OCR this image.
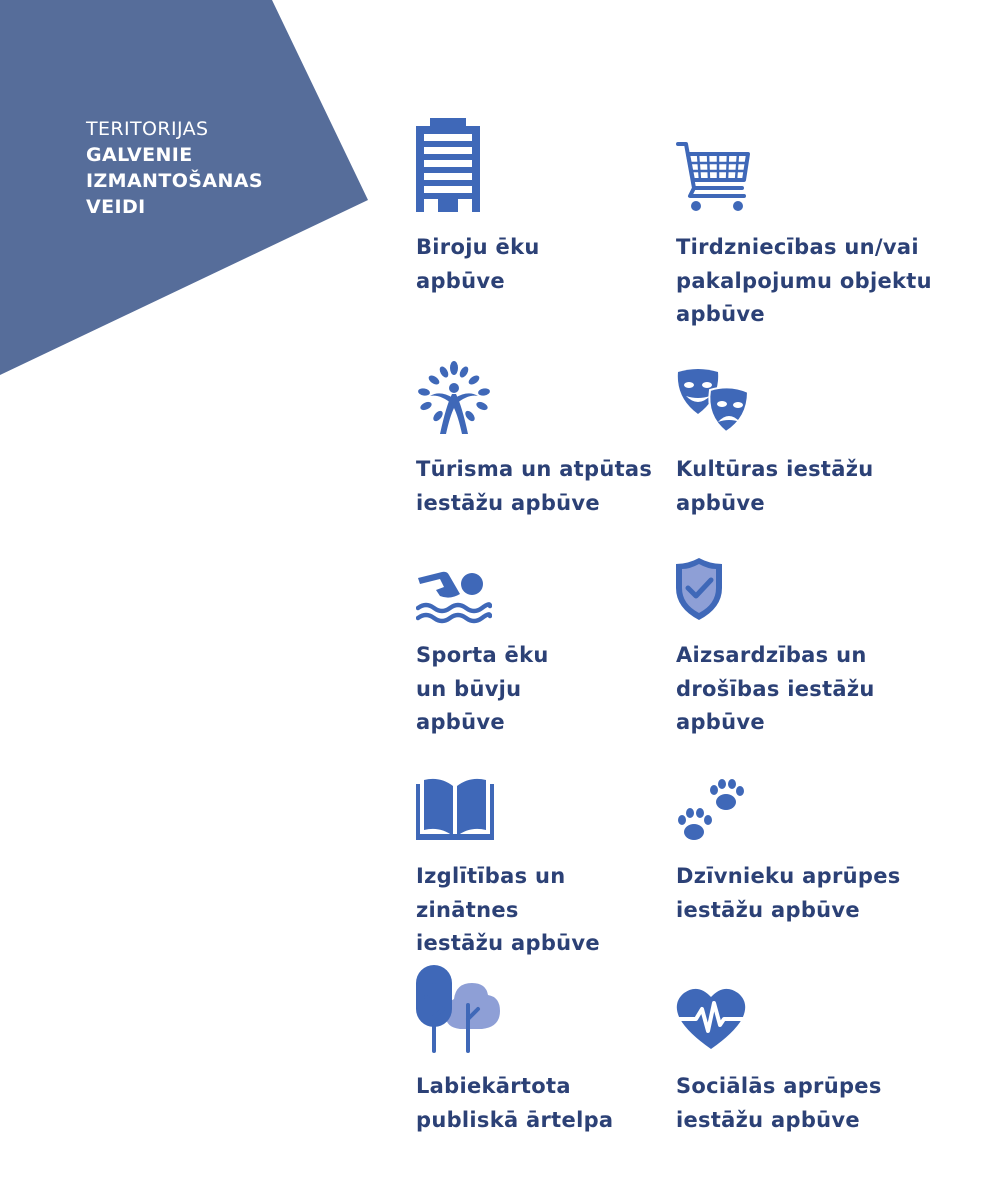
TERITORIJAS
GALVENIE
IZMANTOŠANAS
VEIDI
Biroju ēku
apbūve
Tirdzniecības un/vai
pakalpojumu objektu
apbūve
Tūrisma un atpūtas
iestāžu apbūve
Kultūras iestāžu
apbūve
Sporta ēku
un būvju
apbūve
Aizsardzības un
drošības iestāžu
apbūve
Izglītības un zinātnes
iestāžu apbūve
Dzīvnieku aprūpes
iestāžu apbūve
Labiekārtota
publiskā ārtelpa
Sociālās aprūpes
iestāžu apbūve
